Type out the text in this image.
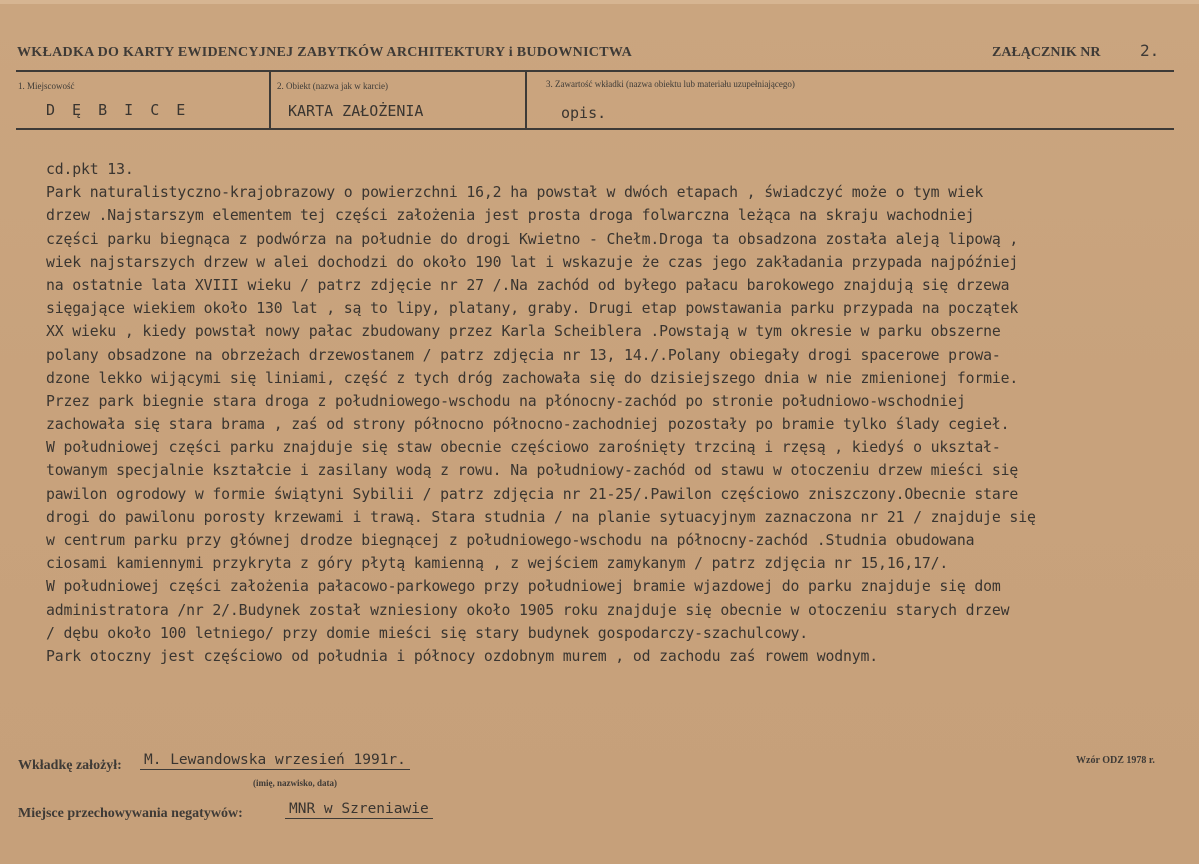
WKŁADKA DO KARTY EWIDENCYJNEJ ZABYTKÓW ARCHITEKTURY i BUDOWNICTWA	ZAŁĄCZNIK NR 2.
1. Miejscowość
D Ę B I C E
2. Obiekt (nazwa jak w karcie)
KARTA ZAŁOŻENIA
3. Zawartość wkładki (nazwa obiektu lub materiału uzupełniającego)
opis.
cd.pkt 13.
Park naturalistyczno-krajobrazowy o powierzchni 16,2 ha powstał w dwóch etapach , świadczyć może o tym wiek
drzew .Najstarszym elementem tej części założenia jest prosta droga folwarczna leżąca na skraju wachodniej
części parku biegnąca z podwórza na południe do drogi Kwietno - Chełm.Droga ta obsadzona została aleją lipową ,
wiek najstarszych drzew w alei dochodzi do około 190 lat i wskazuje że czas jego zakładania przypada najpóźniej
na ostatnie lata XVIII wieku / patrz zdjęcie nr 27 /.Na zachód od byłego pałacu barokowego znajdują się drzewa
sięgające wiekiem około 130 lat , są to lipy, platany, graby. Drugi etap powstawania parku przypada na początek
XX wieku , kiedy powstał nowy pałac zbudowany przez Karla Scheiblera .Powstają w tym okresie w parku obszerne
polany obsadzone na obrzeżach drzewostanem / patrz zdjęcia nr 13, 14./.Polany obiegały drogi spacerowe prowa-
dzone lekko wijącymi się liniami, część z tych dróg zachowała się do dzisiejszego dnia w nie zmienionej formie.
Przez park biegnie stara droga z południowego-wschodu na płónocny-zachód po stronie południowo-wschodniej
zachowała się stara brama , zaś od strony północno północno-zachodniej pozostały po bramie tylko ślady cegieł.
W południowej części parku znajduje się staw obecnie częściowo zarośnięty trzciną i rzęsą , kiedyś o ukształ-
towanym specjalnie kształcie i zasilany wodą z rowu. Na południowy-zachód od stawu w otoczeniu drzew mieści się
pawilon ogrodowy w formie świątyni Sybilii / patrz zdjęcia nr 21-25/.Pawilon częściowo zniszczony.Obecnie stare
drogi do pawilonu porosty krzewami i trawą. Stara studnia / na planie sytuacyjnym zaznaczona nr 21 / znajduje się
w centrum parku przy głównej drodze biegnącej z południowego-wschodu na północny-zachód .Studnia obudowana
ciosami kamiennymi przykryta z góry płytą kamienną , z wejściem zamykanym / patrz zdjęcia nr 15,16,17/.
W południowej części założenia pałacowo-parkowego przy południowej bramie wjazdowej do parku znajduje się dom
administratora /nr 2/.Budynek został wzniesiony około 1905 roku znajduje się obecnie w otoczeniu starych drzew
/ dębu około 100 letniego/ przy domie mieści się stary budynek gospodarczy-szachulcowy.
Park otoczny jest częściowo od południa i północy ozdobnym murem , od zachodu zaś rowem wodnym.
Wkładkę założył: M. Lewandowska wrzesień 1991r.
(imię, nazwisko, data)
Wzór ODZ 1978 r.
Miejsce przechowywania negatywów:	MNR w Szreniawie
